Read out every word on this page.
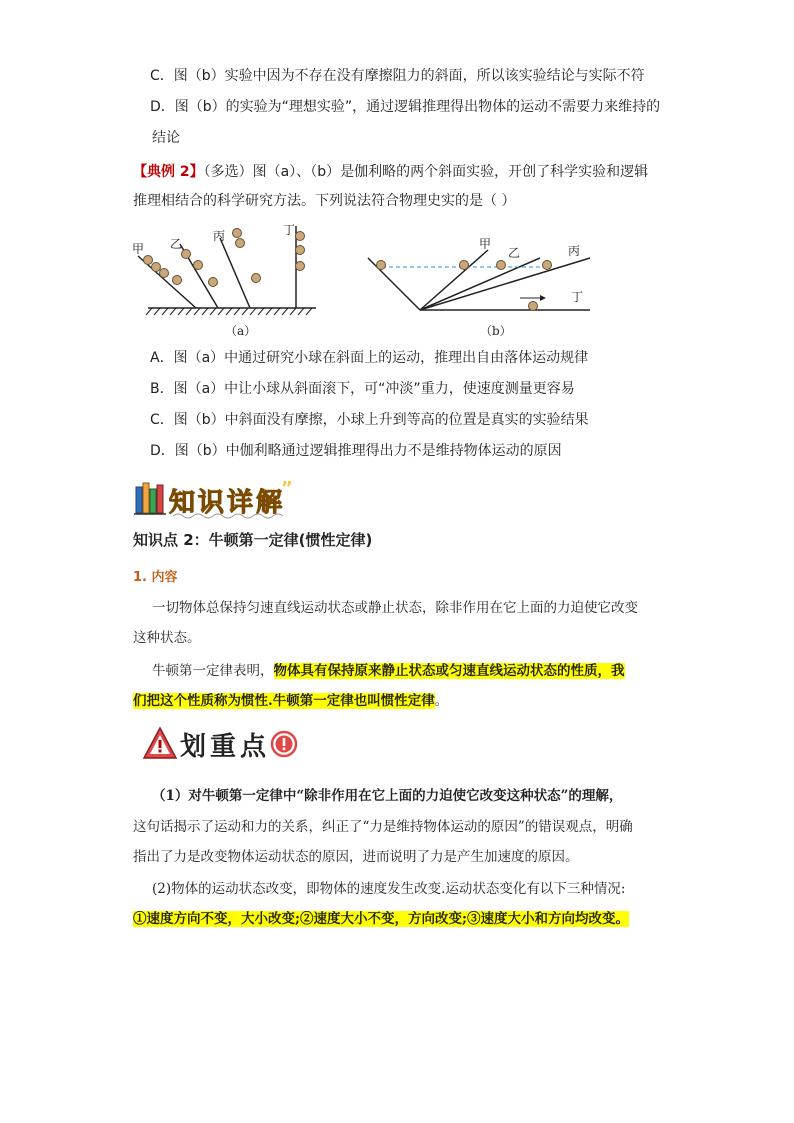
C．图（b）实验中因为不存在没有摩擦阻力的斜面，所以该实验结论与实际不符
D．图（b）的实验为“理想实验”，通过逻辑推理得出物体的运动不需要力来维持的
结论
【典例 2】（多选）图（a）、（b）是伽利略的两个斜面实验，开创了科学实验和逻辑
推理相结合的科学研究方法。下列说法符合物理史实的是（ ）
甲 乙
丙	丁
（a）
甲
乙	丙
丁
（b）
A．图（a）中通过研究小球在斜面上的运动，推理出自由落体运动规律
B．图（a）中让小球从斜面滚下，可“冲淡”重力，使速度测量更容易
C．图（b）中斜面没有摩擦，小球上升到等高的位置是真实的实验结果
D．图（b）中伽利略通过逻辑推理得出力不是维持物体运动的原因
知识详解
”
知识点 2：牛顿第一定律(惯性定律)
1. 内容
一切物体总保持匀速直线运动状态或静止状态，除非作用在它上面的力迫使它改变
这种状态。
牛顿第一定律表明，物体具有保持原来静止状态或匀速直线运动状态的性质，我
们把这个性质称为惯性.牛顿第一定律也叫惯性定律。
划重点
（1）对牛顿第一定律中“除非作用在它上面的力迫使它改变这种状态”的理解，
这句话揭示了运动和力的关系，纠正了“力是维持物体运动的原因”的错误观点，明确
指出了力是改变物体运动状态的原因，进而说明了力是产生加速度的原因。
(2)物体的运动状态改变，即物体的速度发生改变.运动状态变化有以下三种情况:
①速度方向不变，大小改变;②速度大小不变，方向改变;③速度大小和方向均改变。
